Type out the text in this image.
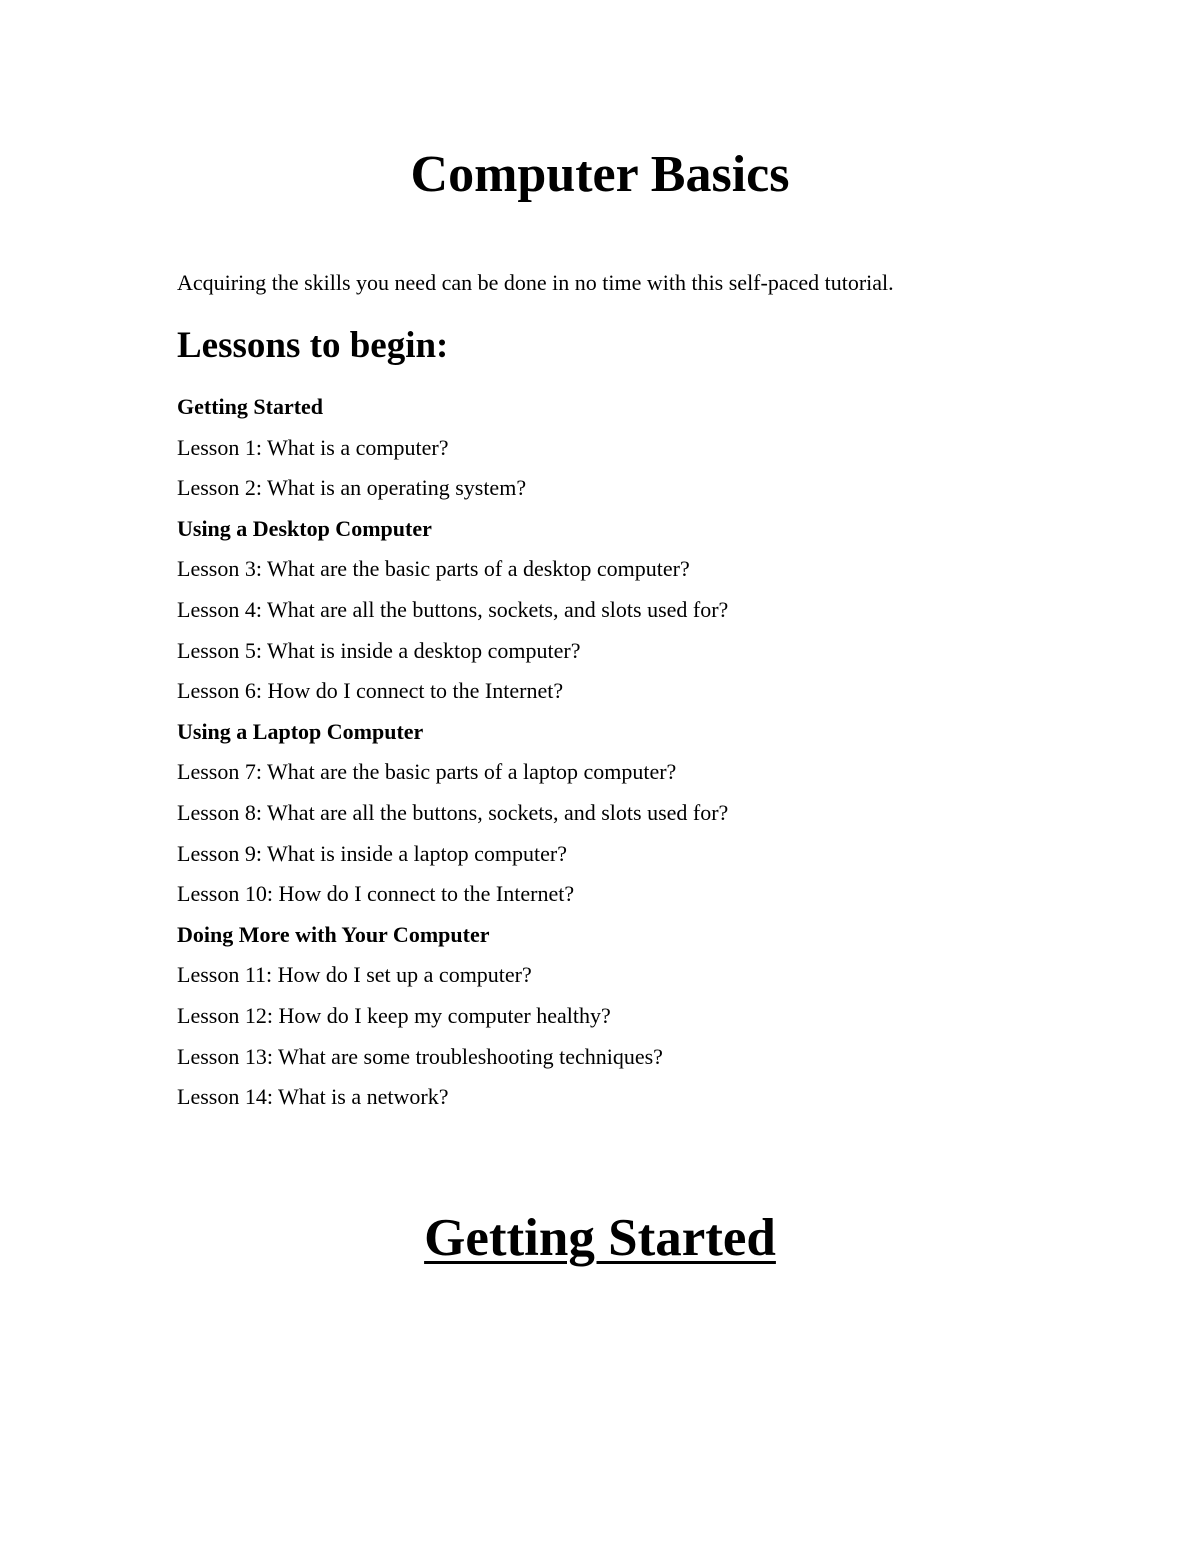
Computer Basics

Acquiring the skills you need can be done in no time with this self-paced tutorial.

Lessons to begin:
Getting Started
Lesson 1: What is a computer?
Lesson 2: What is an operating system?
Using a Desktop Computer
Lesson 3: What are the basic parts of a desktop computer?
Lesson 4: What are all the buttons, sockets, and slots used for?
Lesson 5: What is inside a desktop computer?
Lesson 6: How do I connect to the Internet?
Using a Laptop Computer
Lesson 7: What are the basic parts of a laptop computer?
Lesson 8: What are all the buttons, sockets, and slots used for?
Lesson 9: What is inside a laptop computer?
Lesson 10: How do I connect to the Internet?
Doing More with Your Computer
Lesson 11: How do I set up a computer?
Lesson 12: How do I keep my computer healthy?
Lesson 13: What are some troubleshooting techniques?
Lesson 14: What is a network?
Getting Started
